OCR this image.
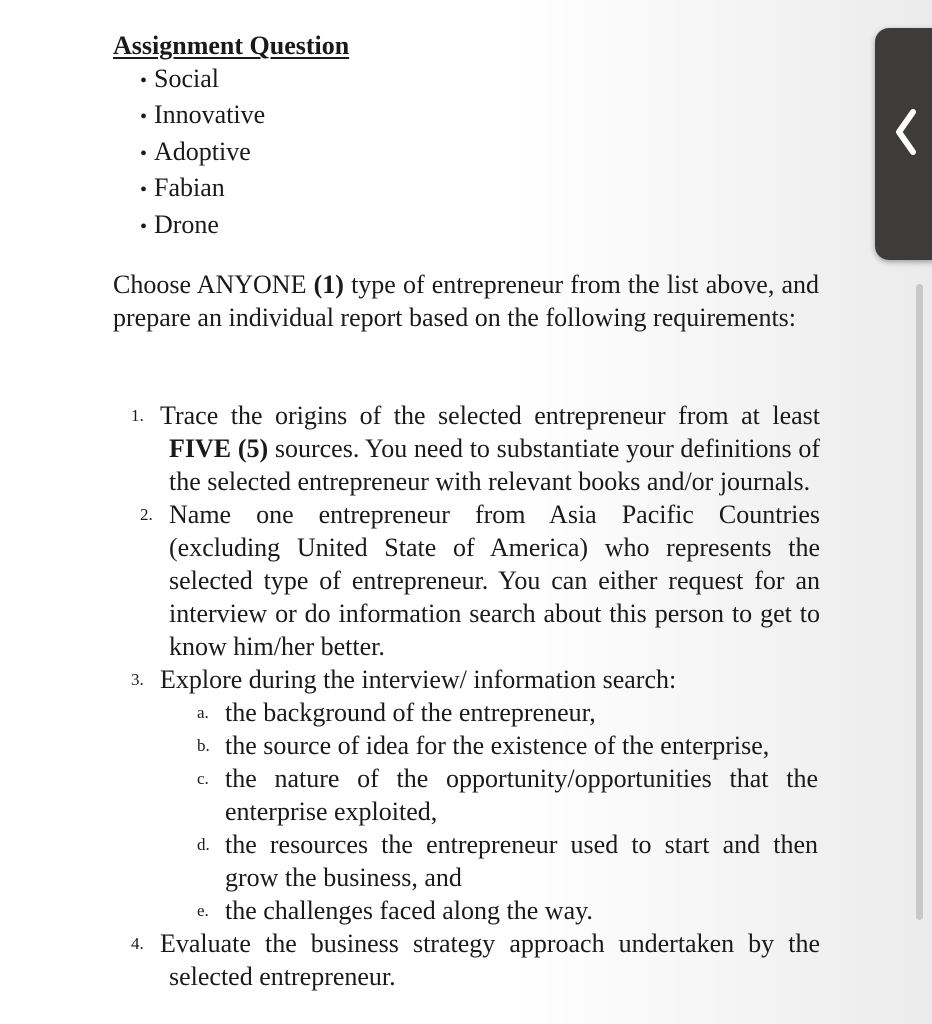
Assignment Question
• Social
• Innovative
• Adoptive
• Fabian
• Drone
Choose ANYONE (1) type of entrepreneur from the list above, and prepare an individual report based on the following requirements:
1. Trace the origins of the selected entrepreneur from at least FIVE (5) sources. You need to substantiate your definitions of the selected entrepreneur with relevant books and/or journals.
2. Name one entrepreneur from Asia Pacific Countries (excluding United State of America) who represents the selected type of entrepreneur. You can either request for an interview or do information search about this person to get to know him/her better.
3. Explore during the interview/ information search:
a. the background of the entrepreneur,
b. the source of idea for the existence of the enterprise,
c. the nature of the opportunity/opportunities that the enterprise exploited,
d. the resources the entrepreneur used to start and then grow the business, and
e. the challenges faced along the way.
4. Evaluate the business strategy approach undertaken by the selected entrepreneur.
